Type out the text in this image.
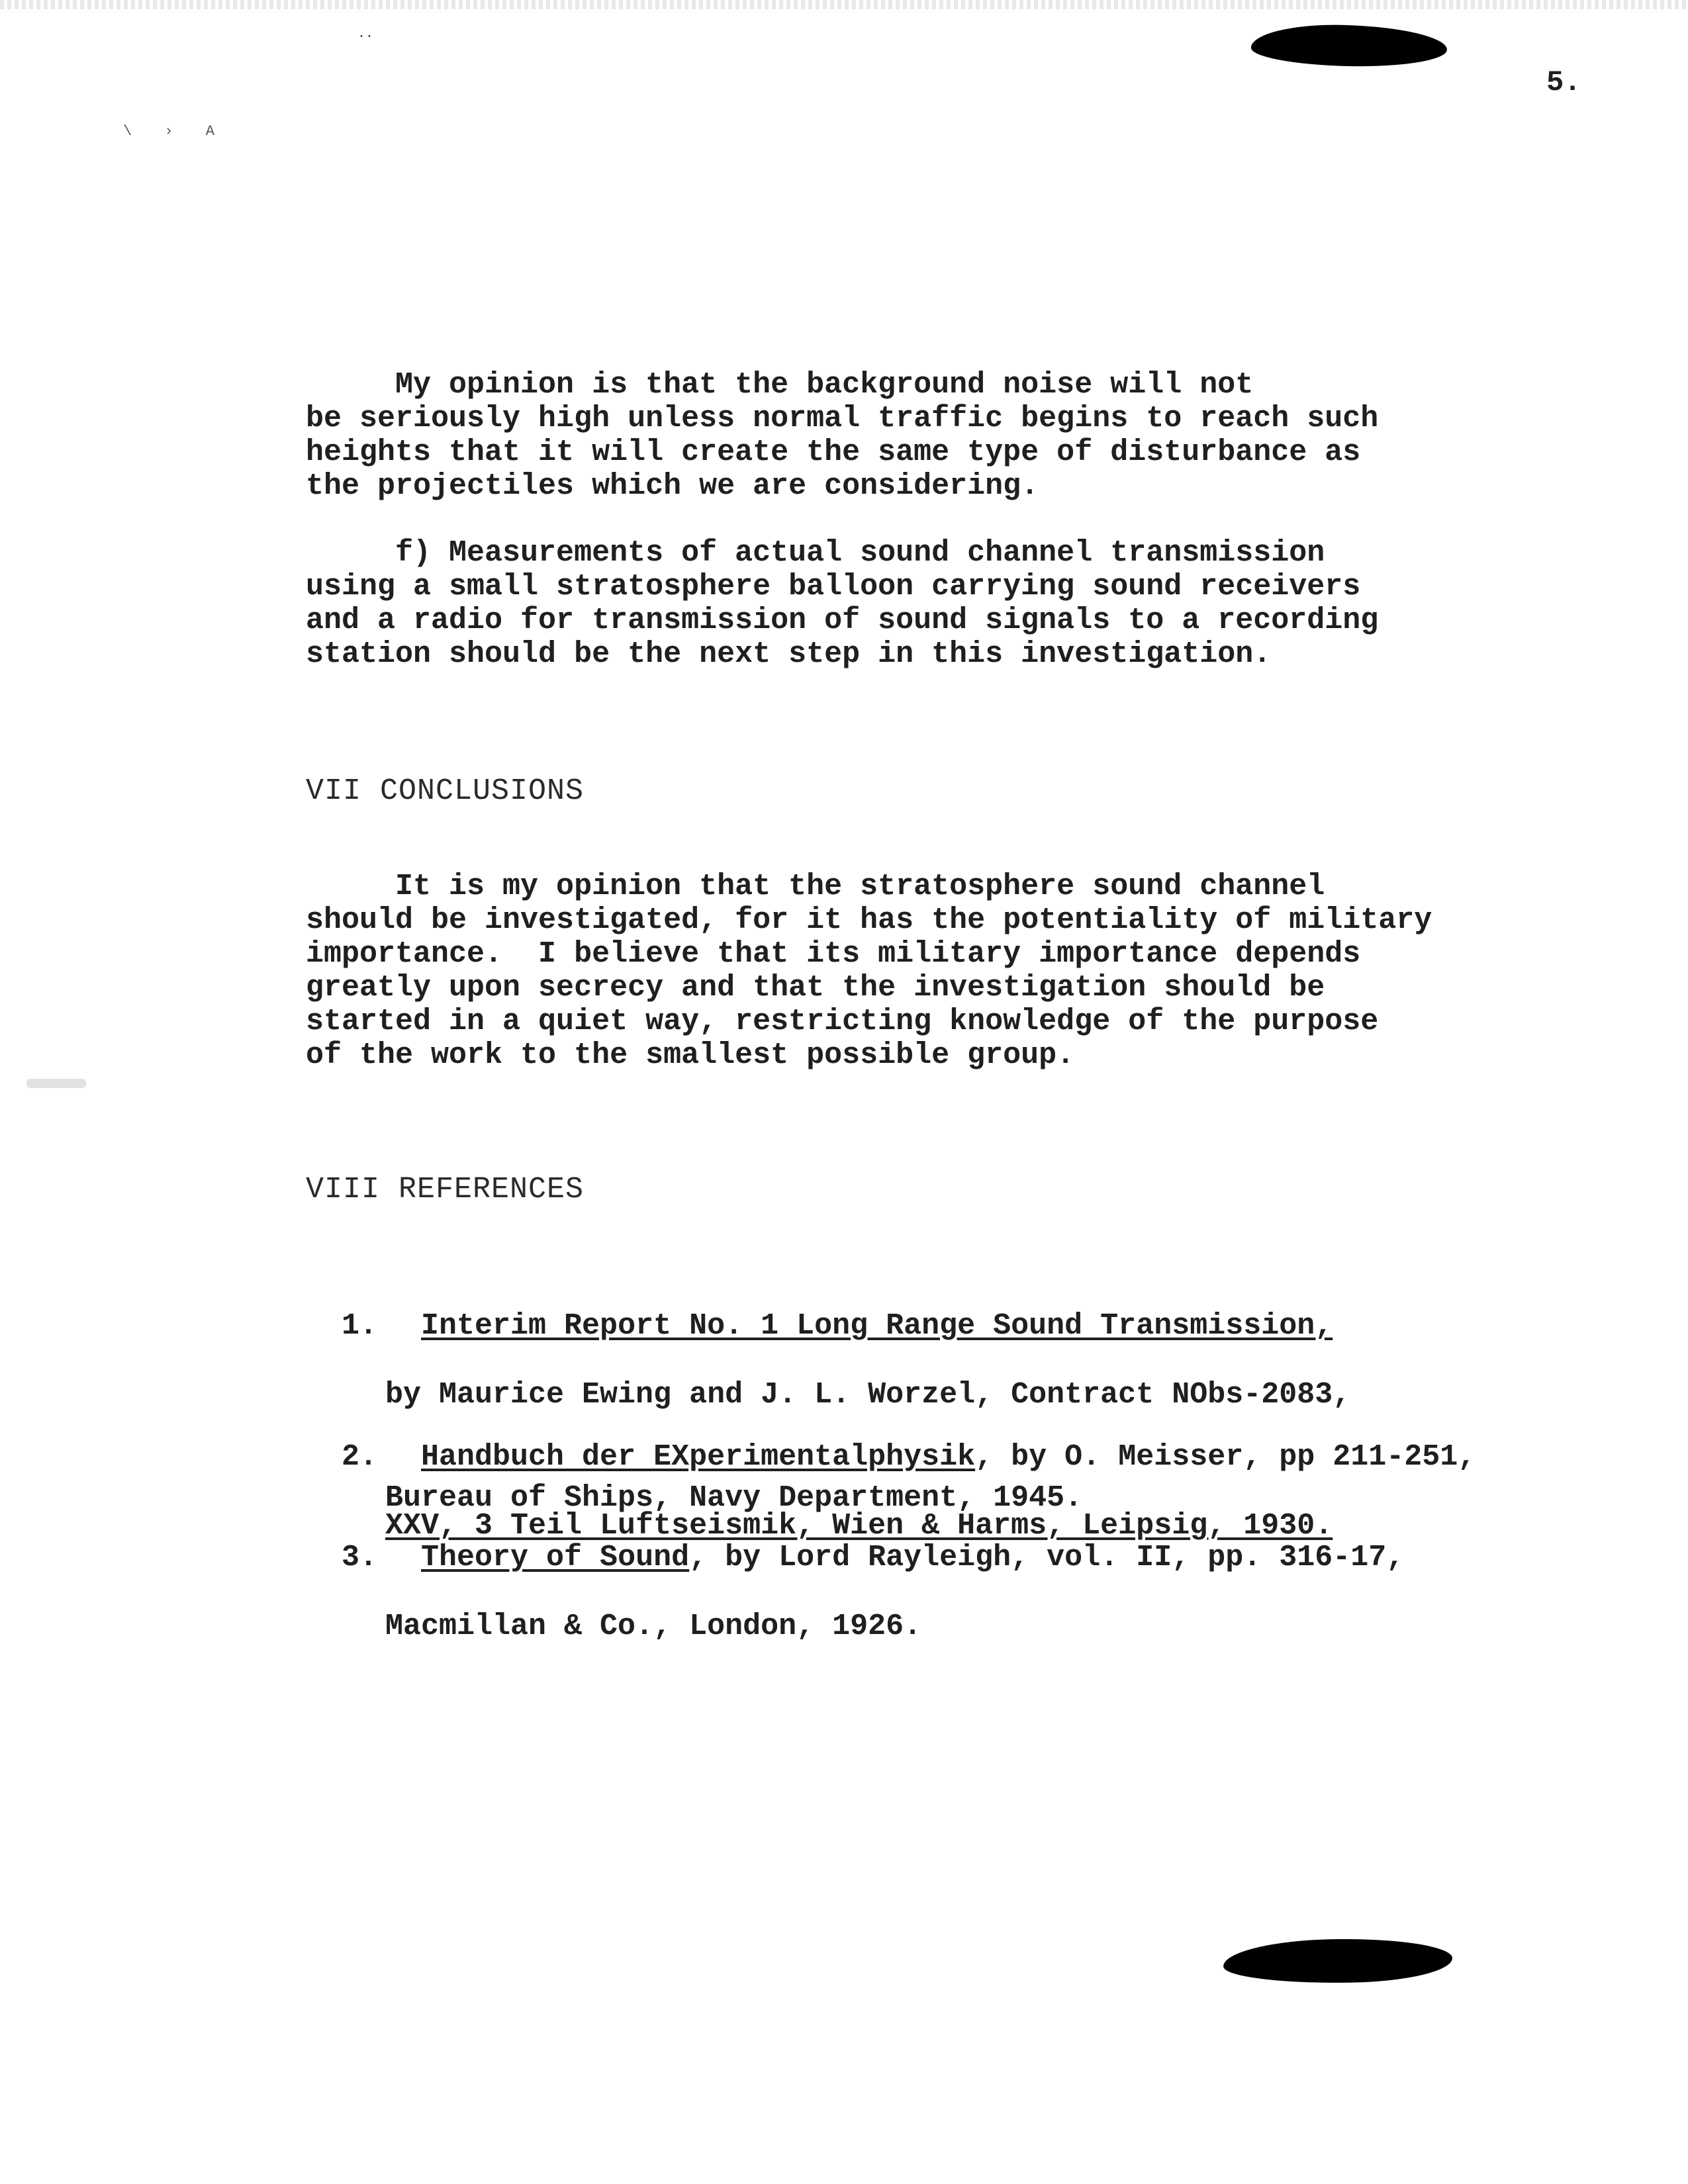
..

\ › A

5.

My opinion is that the background noise will not
be seriously high unless normal traffic begins to reach such
heights that it will create the same type of disturbance as
the projectiles which we are considering.

f) Measurements of actual sound channel transmission
using a small stratosphere balloon carrying sound receivers
and a radio for transmission of sound signals to a recording
station should be the next step in this investigation.

VII CONCLUSIONS

It is my opinion that the stratosphere sound channel
should be investigated, for it has the potentiality of military
importance.  I believe that its military importance depends
greatly upon secrecy and that the investigation should be
started in a quiet way, restricting knowledge of the purpose
of the work to the smallest possible group.

VIII REFERENCES

1. Interim Report No. 1 Long Range Sound Transmission,

by Maurice Ewing and J. L. Worzel, Contract NObs-2083,

Bureau of Ships, Navy Department, 1945.

2. Handbuch der EXperimentalphysik, by O. Meisser, pp 211-251,

XXV, 3 Teil Luftseismik, Wien & Harms, Leipsig, 1930.

3. Theory of Sound, by Lord Rayleigh, vol. II, pp. 316-17,

Macmillan & Co., London, 1926.
